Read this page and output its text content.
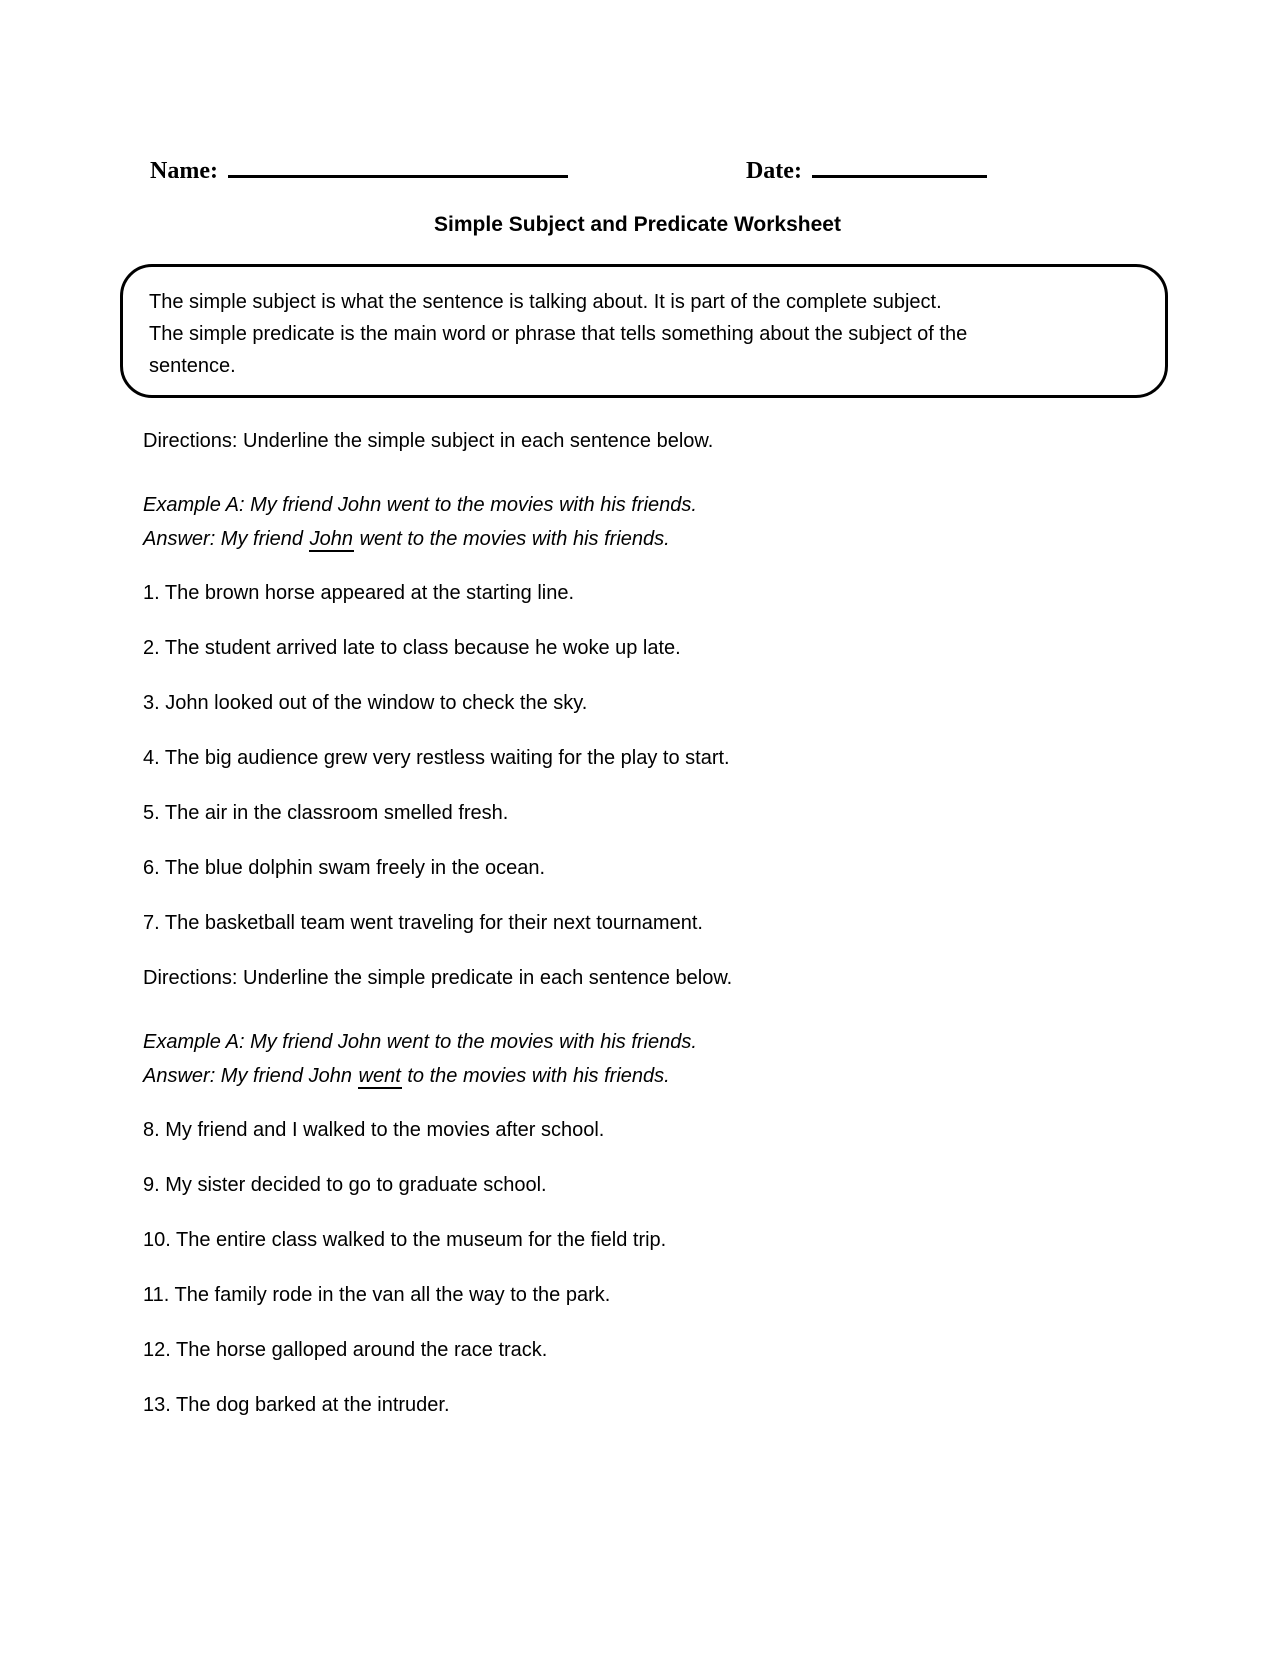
Name:	Date:
Simple Subject and Predicate Worksheet
The simple subject is what the sentence is talking about. It is part of the complete subject.
The simple predicate is the main word or phrase that tells something about the subject of the
sentence.

Directions: Underline the simple subject in each sentence below.

Example A: My friend John went to the movies with his friends.

Answer: My friend John went to the movies with his friends.

1. The brown horse appeared at the starting line.

2. The student arrived late to class because he woke up late.

3. John looked out of the window to check the sky.

4. The big audience grew very restless waiting for the play to start.

5. The air in the classroom smelled fresh.

6. The blue dolphin swam freely in the ocean.

7. The basketball team went traveling for their next tournament.

Directions: Underline the simple predicate in each sentence below.

Example A: My friend John went to the movies with his friends.

Answer: My friend John went to the movies with his friends.

8. My friend and I walked to the movies after school.

9. My sister decided to go to graduate school.

10. The entire class walked to the museum for the field trip.

11. The family rode in the van all the way to the park.

12. The horse galloped around the race track.

13. The dog barked at the intruder.
